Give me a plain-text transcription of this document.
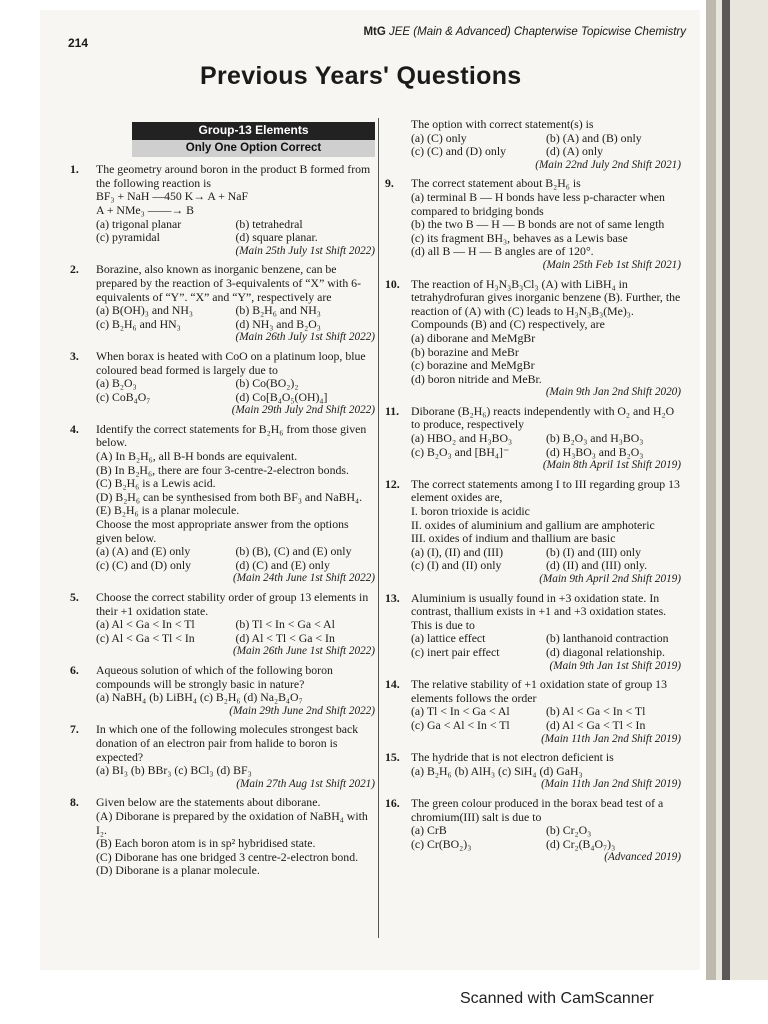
214
MtG JEE (Main & Advanced) Chapterwise Topicwise Chemistry
Previous Years' Questions
Group-13 Elements
Only One Option Correct
1. The geometry around boron in the product B formed from the following reaction is
BF₃ + NaH —450 K→ A + NaF
A + NMe₃ ——→ B
(a) trigonal planar	(b) tetrahedral
(c) pyramidal	(d) square planar.
(Main 25th July 1st Shift 2022)
2. Borazine, also known as inorganic benzene, can be prepared by the reaction of 3-equivalents of “X” with 6-equivalents of “Y”. “X” and “Y”, respectively are
(a) B(OH)₃ and NH₃	(b) B₂H₆ and NH₃
(c) B₂H₆ and HN₃	(d) NH₃ and B₂O₃
(Main 26th July 1st Shift 2022)
3. When borax is heated with CoO on a platinum loop, blue coloured bead formed is largely due to
(a) B₂O₃	(b) Co(BO₂)₂
(c) CoB₄O₇	(d) Co[B₄O₅(OH)₄]
(Main 29th July 2nd Shift 2022)
4. Identify the correct statements for B₂H₆ from those given below.
(A) In B₂H₆, all B-H bonds are equivalent.
(B) In B₂H₆, there are four 3-centre-2-electron bonds.
(C) B₂H₆ is a Lewis acid.
(D) B₂H₆ can be synthesised from both BF₃ and NaBH₄.
(E) B₂H₆ is a planar molecule.
Choose the most appropriate answer from the options given below.
(a) (A) and (E) only	(b) (B), (C) and (E) only
(c) (C) and (D) only	(d) (C) and (E) only
(Main 24th June 1st Shift 2022)
5. Choose the correct stability order of group 13 elements in their +1 oxidation state.
(a) Al < Ga < In < Tl	(b) Tl < In < Ga < Al
(c) Al < Ga < Tl < In	(d) Al < Tl < Ga < In
(Main 26th June 1st Shift 2022)
6. Aqueous solution of which of the following boron compounds will be strongly basic in nature?
(a) NaBH₄ (b) LiBH₄ (c) B₂H₆ (d) Na₂B₄O₇
(Main 29th June 2nd Shift 2022)
7. In which one of the following molecules strongest back donation of an electron pair from halide to boron is expected?
(a) BI₃ (b) BBr₃ (c) BCl₃ (d) BF₃
(Main 27th Aug 1st Shift 2021)
8. Given below are the statements about diborane.
(A) Diborane is prepared by the oxidation of NaBH₄ with I₂.
(B) Each boron atom is in sp² hybridised state.
(C) Diborane has one bridged 3 centre-2-electron bond.
(D) Diborane is a planar molecule.
The option with correct statement(s) is
(a) (C) only	(b) (A) and (B) only
(c) (C) and (D) only	(d) (A) only
(Main 22nd July 2nd Shift 2021)
9. The correct statement about B₂H₆ is
(a) terminal B — H bonds have less p-character when compared to bridging bonds
(b) the two B — H — B bonds are not of same length
(c) its fragment BH₃, behaves as a Lewis base
(d) all B — H — B angles are of 120°.
(Main 25th Feb 1st Shift 2021)
10. The reaction of H₃N₃B₃Cl₃ (A) with LiBH₄ in tetrahydrofuran gives inorganic benzene (B). Further, the reaction of (A) with (C) leads to H₃N₃B₃(Me)₃. Compounds (B) and (C) respectively, are
(a) diborane and MeMgBr
(b) borazine and MeBr
(c) borazine and MeMgBr
(d) boron nitride and MeBr.
(Main 9th Jan 2nd Shift 2020)
11. Diborane (B₂H₆) reacts independently with O₂ and H₂O to produce, respectively
(a) HBO₂ and H₃BO₃	(b) B₂O₃ and H₃BO₃
(c) B₂O₃ and [BH₄]⁻	(d) H₃BO₃ and B₂O₃
(Main 8th April 1st Shift 2019)
12. The correct statements among I to III regarding group 13 element oxides are,
I. boron trioxide is acidic
II. oxides of aluminium and gallium are amphoteric
III. oxides of indium and thallium are basic
(a) (I), (II) and (III)	(b) (I) and (III) only
(c) (I) and (II) only	(d) (II) and (III) only.
(Main 9th April 2nd Shift 2019)
13. Aluminium is usually found in +3 oxidation state. In contrast, thallium exists in +1 and +3 oxidation states. This is due to
(a) lattice effect	(b) lanthanoid contraction
(c) inert pair effect	(d) diagonal relationship.
(Main 9th Jan 1st Shift 2019)
14. The relative stability of +1 oxidation state of group 13 elements follows the order
(a) Tl < In < Ga < Al	(b) Al < Ga < In < Tl
(c) Ga < Al < In < Tl	(d) Al < Ga < Tl < In
(Main 11th Jan 2nd Shift 2019)
15. The hydride that is not electron deficient is
(a) B₂H₆ (b) AlH₃ (c) SiH₄ (d) GaH₃
(Main 11th Jan 2nd Shift 2019)
16. The green colour produced in the borax bead test of a chromium(III) salt is due to
(a) CrB	(b) Cr₂O₃
(c) Cr(BO₂)₃	(d) Cr₂(B₄O₇)₃
(Advanced 2019)
Scanned with CamScanner
